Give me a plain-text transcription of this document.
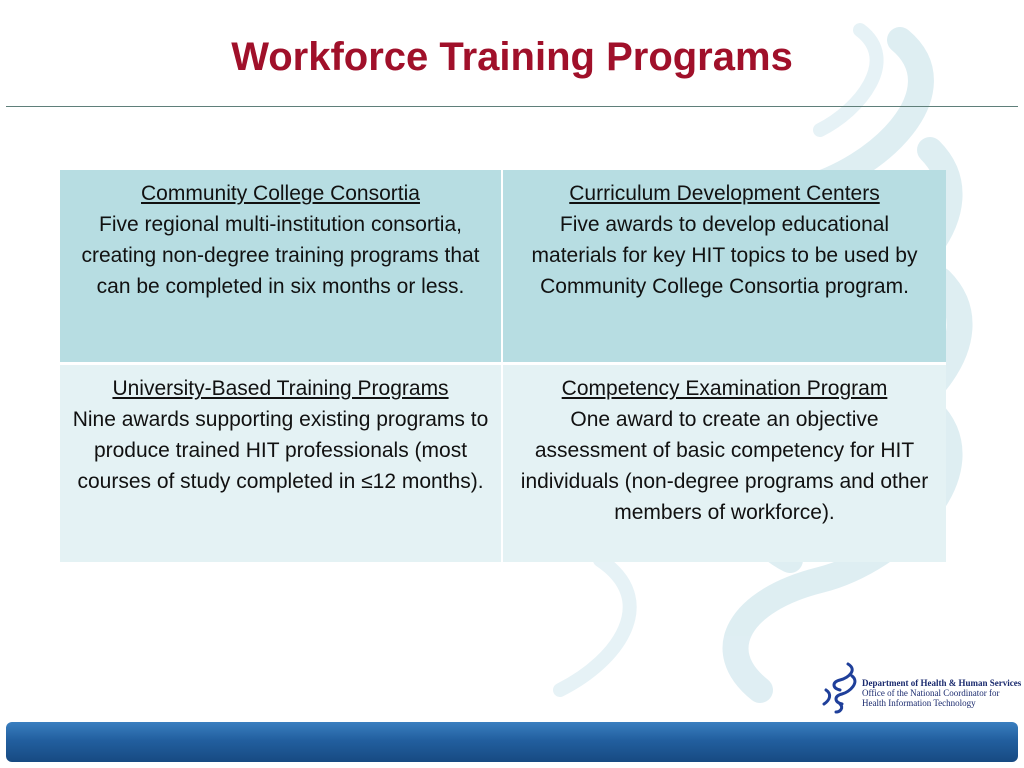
Workforce Training Programs
Community College Consortia
Five regional multi-institution consortia, creating non-degree training programs that can be completed in six months or less.
Curriculum Development Centers
Five awards to develop educational materials for key HIT topics to be used by Community College Consortia program.
University-Based Training Programs
Nine awards supporting existing programs to produce trained HIT professionals (most courses of study completed in ≤12 months).
Competency Examination Program
One award to create an objective assessment of basic competency for HIT individuals (non-degree programs and other members of workforce).
Department of Health & Human Services
Office of the National Coordinator for
Health Information Technology
